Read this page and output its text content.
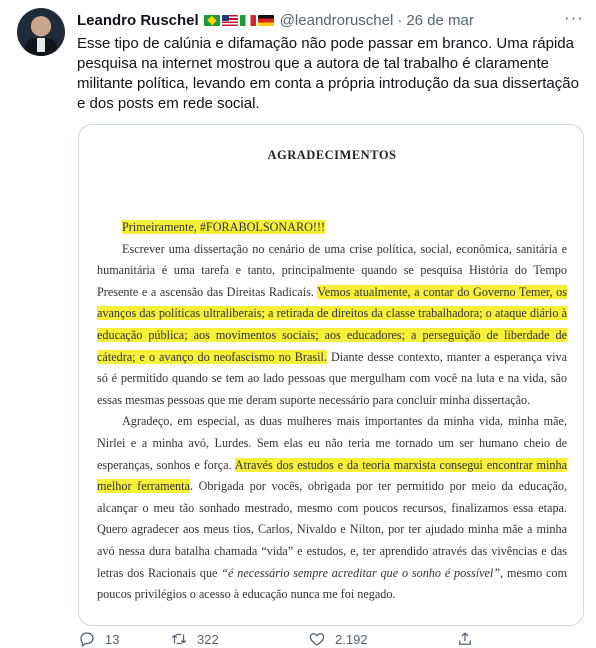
Leandro Ruschel	@leandroruschel · 26 de mar	···
Esse tipo de calúnia e difamação não pode passar em branco. Uma rápida pesquisa na internet mostrou que a autora de tal trabalho é claramente militante política, levando em conta a própria introdução da sua dissertação e dos posts em rede social.
AGRADECIMENTOS

Primeiramente, #FORABOLSONARO!!!

Escrever uma dissertação no cenário de uma crise política, social, econômica, sanitária e humanitária é uma tarefa e tanto, principalmente quando se pesquisa História do Tempo Presente e a ascensão das Direitas Radicais. Vemos atualmente, a contar do Governo Temer, os avanços das políticas ultraliberais; a retirada de direitos da classe trabalhadora; o ataque diário à educação pública; aos movimentos sociais; aos educadores; a perseguição de liberdade de cátedra; e o avanço do neofascismo no Brasil. Diante desse contexto, manter a esperança viva só é permitido quando se tem ao lado pessoas que mergulham com você na luta e na vida, são essas mesmas pessoas que me deram suporte necessário para concluir minha dissertação.

Agradeço, em especial, as duas mulheres mais importantes da minha vida, minha mãe, Nirlei e a minha avó, Lurdes. Sem elas eu não teria me tornado um ser humano cheio de esperanças, sonhos e força. Através dos estudos e da teoria marxista consegui encontrar minha melhor ferramenta. Obrigada por vocês, obrigada por ter permitido por meio da educação, alcançar o meu tão sonhado mestrado, mesmo com poucos recursos, finalizamos essa etapa. Quero agradecer aos meus tios, Carlos, Nivaldo e Nilton, por ter ajudado minha mãe a minha avó nessa dura batalha chamada “vida” e estudos, e, ter aprendido através das vivências e das letras dos Racionais que “é necessário sempre acreditar que o sonho é possível”, mesmo com poucos privilégios o acesso à educação nunca me foi negado.

13	322	2.192
